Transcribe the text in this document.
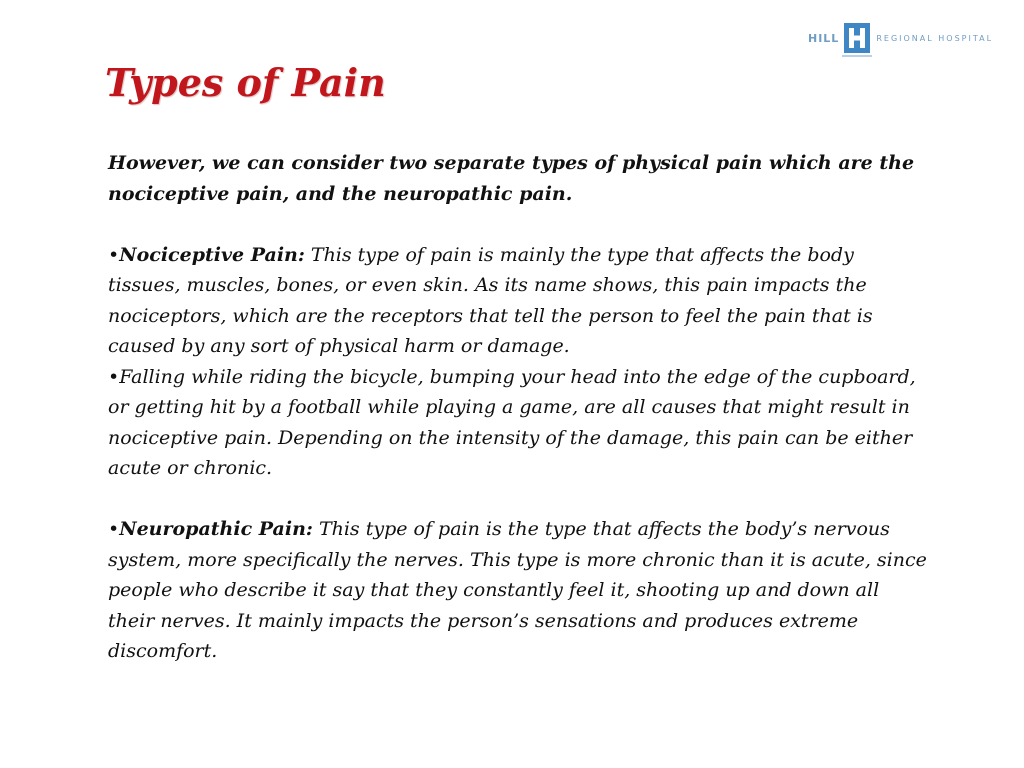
HILL	REGIONAL HOSPITAL
Types of Pain

However, we can consider two separate types of physical pain which are the nociceptive pain, and the neuropathic pain.

•Nociceptive Pain: This type of pain is mainly the type that affects the body tissues, muscles, bones, or even skin. As its name shows, this pain impacts the nociceptors, which are the receptors that tell the person to feel the pain that is caused by any sort of physical harm or damage.

•Falling while riding the bicycle, bumping your head into the edge of the cupboard, or getting hit by a football while playing a game, are all causes that might result in nociceptive pain. Depending on the intensity of the damage, this pain can be either acute or chronic.

•Neuropathic Pain: This type of pain is the type that affects the body’s nervous system, more specifically the nerves. This type is more chronic than it is acute, since people who describe it say that they constantly feel it, shooting up and down all their nerves. It mainly impacts the person’s sensations and produces extreme discomfort.
